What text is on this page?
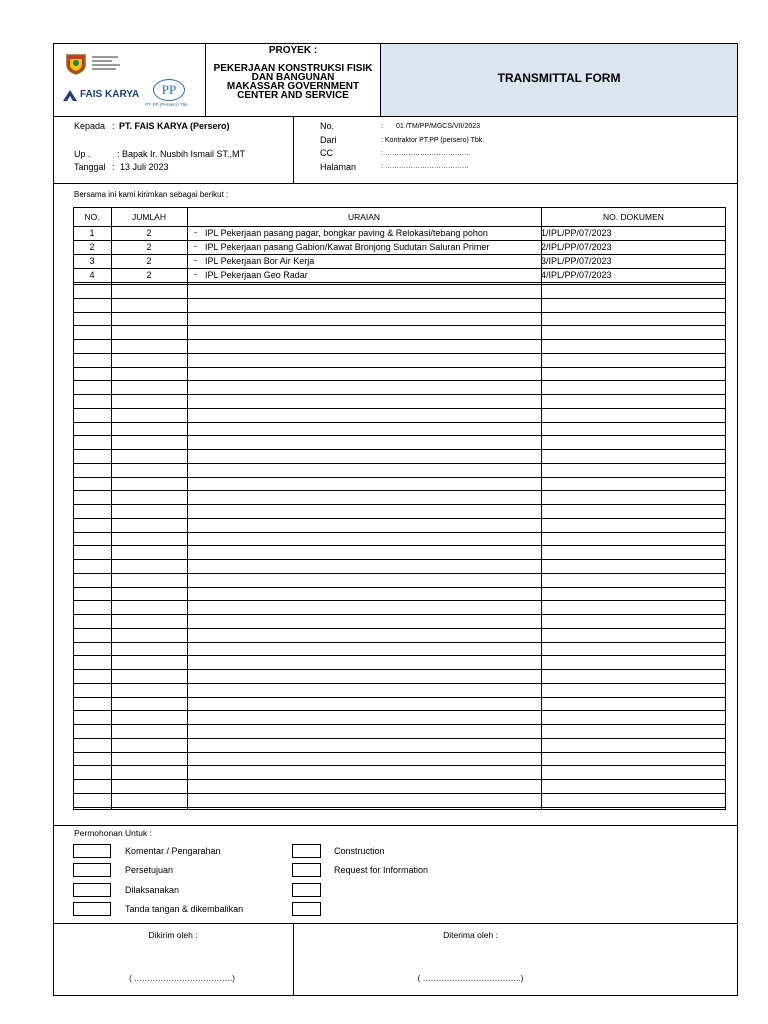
FAIS KARYA	PP
PT. PP (Persero) Tbk.
PROYEK :
PEKERJAAN KONSTRUKSI FISIK
DAN BANGUNAN
MAKASSAR GOVERNMENT
CENTER AND SERVICE
TRANSMITTAL FORM
Kepada : PT. FAIS KARYA (Persero)
Up .	: Bapak Ir. Nusbih Ismail ST.,MT
Tanggal : 13 Juli 2023
No.	: 01 /TM/PP/MGCS/VII/2023
Dari	: Kontraktor PT.PP (persero) Tbk.
CC	: ………………………………
Halaman	: ………………………………
Bersama ini kami kirimkan sebagai berikut :
NO.	JUMLAH	URAIAN	NO. DOKUMEN
1	2	- IPL Pekerjaan pasang pagar, bongkar paving & Relokasi/tebang pohon	1/IPL/PP/07/2023
2	2	- IPL Pekerjaan pasang Gabion/Kawat Bronjong Sudutan Saluran Primer	2/IPL/PP/07/2023
3	2	- IPL Pekerjaan Bor Air Kerja	3/IPL/PP/07/2023
4	2	- IPL Pekerjaan Geo Radar	4/IPL/PP/07/2023
Permohonan Untuk :
Komentar / Pengarahan
Persetujuan
Dilaksanakan
Tanda tangan & dikembalikan
Construction
Request for Information
Dikirim oleh :
( ……………………………….)
Diterima oleh :
( ……………………………….)
